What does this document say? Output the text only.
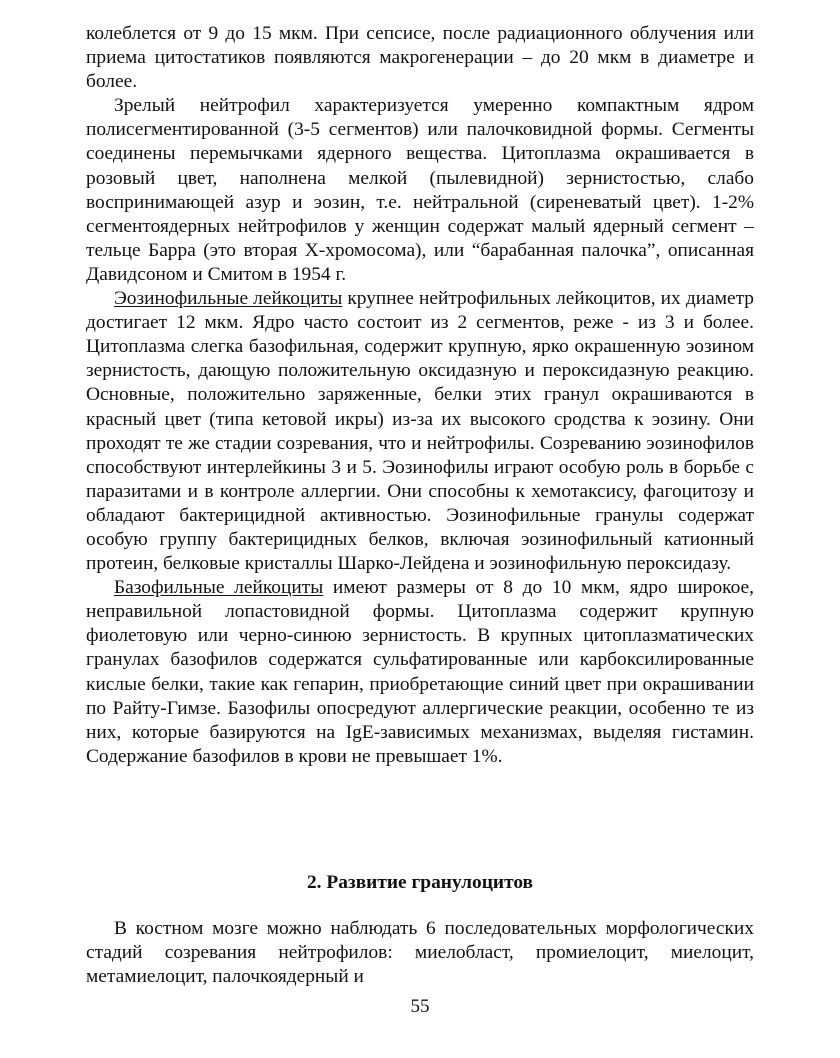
колеблется от 9 до 15 мкм. При сепсисе, после радиационного облучения или приема цитостатиков появляются макрогенерации – до 20 мкм в диаметре и более.

Зрелый нейтрофил характеризуется умеренно компактным ядром полисегментированной (3-5 сегментов) или палочковидной формы. Сегменты соединены перемычками ядерного вещества. Цитоплазма окрашивается в розовый цвет, наполнена мелкой (пылевидной) зернистостью, слабо воспринимающей азур и эозин, т.е. нейтральной (сиреневатый цвет). 1-2% сегментоядерных нейтрофилов у женщин содержат малый ядерный сегмент – тельце Барра (это вторая Х-хромосома), или “барабанная палочка”, описанная Давидсоном и Смитом в 1954 г.

Эозинофильные лейкоциты крупнее нейтрофильных лейкоцитов, их диаметр достигает 12 мкм. Ядро часто состоит из 2 сегментов, реже - из 3 и более. Цитоплазма слегка базофильная, содержит крупную, ярко окрашенную эозином зернистость, дающую положительную оксидазную и пероксидазную реакцию. Основные, положительно заряженные, белки этих гранул окрашиваются в красный цвет (типа кетовой икры) из-за их высокого сродства к эозину. Они проходят те же стадии созревания, что и нейтрофилы. Созреванию эозинофилов способствуют интерлейкины 3 и 5. Эозинофилы играют особую роль в борьбе с паразитами и в контроле аллергии. Они способны к хемотаксису, фагоцитозу и обладают бактерицидной активностью. Эозинофильные гранулы содержат особую группу бактерицидных белков, включая эозинофильный катионный протеин, белковые кристаллы Шарко-Лейдена и эозинофильную пероксидазу.

Базофильные лейкоциты имеют размеры от 8 до 10 мкм, ядро широкое, неправильной лопастовидной формы. Цитоплазма содержит крупную фиолетовую или черно-синюю зернистость. В крупных цитоплазматических гранулах базофилов содержатся сульфатированные или карбоксилированные кислые белки, такие как гепарин, приобретающие синий цвет при окрашивании по Райту-Гимзе. Базофилы опосредуют аллергические реакции, особенно те из них, которые базируются на IgE-зависимых механизмах, выделяя гистамин. Содержание базофилов в крови не превышает 1%.

2. Развитие гранулоцитов

В костном мозге можно наблюдать 6 последовательных морфологических стадий созревания нейтрофилов: миелобласт, промиелоцит, миелоцит, метамиелоцит, палочкоядерный и

55
